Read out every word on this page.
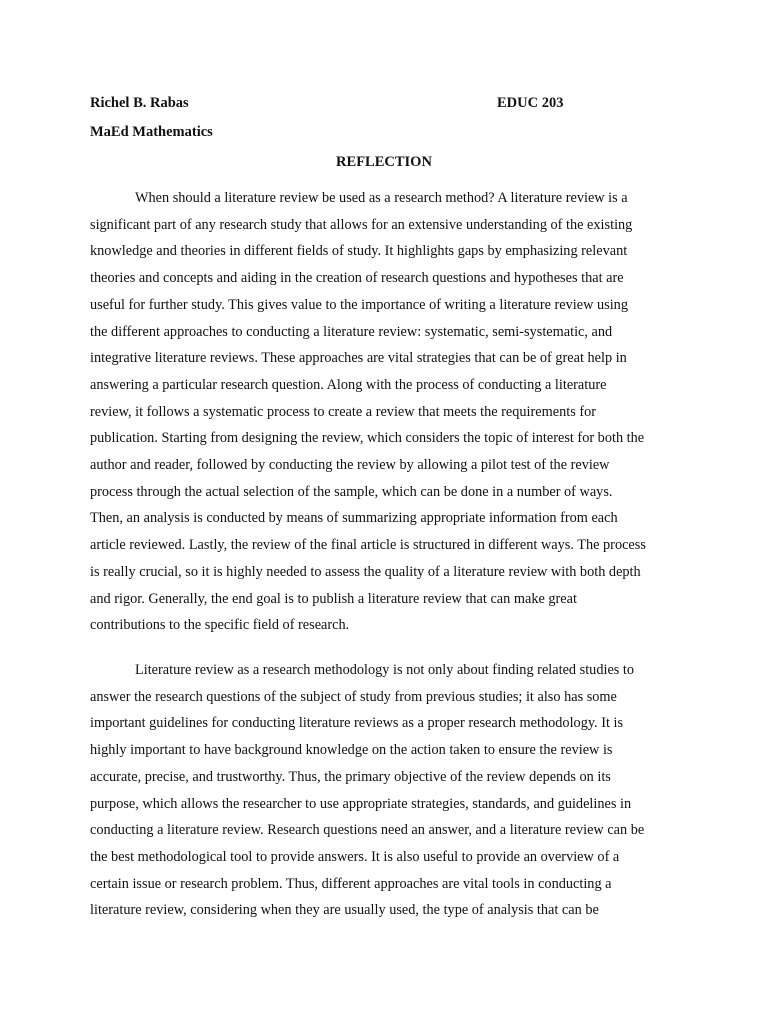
Richel B. Rabas	EDUC 203
MaEd Mathematics
REFLECTION

When should a literature review be used as a research method? A literature review is a
significant part of any research study that allows for an extensive understanding of the existing
knowledge and theories in different fields of study. It highlights gaps by emphasizing relevant
theories and concepts and aiding in the creation of research questions and hypotheses that are
useful for further study. This gives value to the importance of writing a literature review using
the different approaches to conducting a literature review: systematic, semi-systematic, and
integrative literature reviews. These approaches are vital strategies that can be of great help in
answering a particular research question. Along with the process of conducting a literature
review, it follows a systematic process to create a review that meets the requirements for
publication. Starting from designing the review, which considers the topic of interest for both the
author and reader, followed by conducting the review by allowing a pilot test of the review
process through the actual selection of the sample, which can be done in a number of ways.
Then, an analysis is conducted by means of summarizing appropriate information from each
article reviewed. Lastly, the review of the final article is structured in different ways. The process
is really crucial, so it is highly needed to assess the quality of a literature review with both depth
and rigor. Generally, the end goal is to publish a literature review that can make great
contributions to the specific field of research.

Literature review as a research methodology is not only about finding related studies to
answer the research questions of the subject of study from previous studies; it also has some
important guidelines for conducting literature reviews as a proper research methodology. It is
highly important to have background knowledge on the action taken to ensure the review is
accurate, precise, and trustworthy. Thus, the primary objective of the review depends on its
purpose, which allows the researcher to use appropriate strategies, standards, and guidelines in
conducting a literature review. Research questions need an answer, and a literature review can be
the best methodological tool to provide answers. It is also useful to provide an overview of a
certain issue or research problem. Thus, different approaches are vital tools in conducting a
literature review, considering when they are usually used, the type of analysis that can be
